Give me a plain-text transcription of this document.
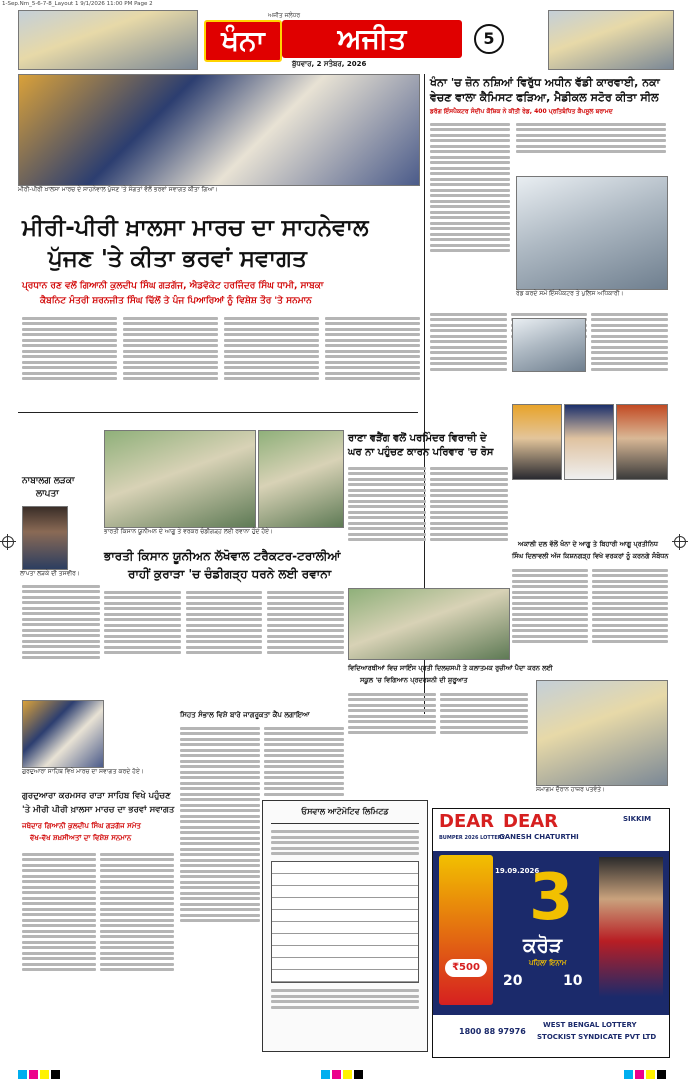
1-Sep.Nm_5-6-7-8_Layout 1 9/1/2026 11:00 PM Page 2
ਅਜੀਤ ਜਲੰਧਰ
ਖੰਨਾ	ਅਜੀਤ
ਬੁੱਧਵਾਰ, 2 ਸਤੰਬਰ, 2026
5
ਮੀਰੀ-ਪੀਰੀ ਖ਼ਾਲਸਾ ਮਾਰਚ ਦੇ ਸਾਹਨੇਵਾਲ ਪੁੱਜਣ 'ਤੇ ਸੰਗਤਾਂ ਵੱਲੋਂ ਭਰਵਾਂ ਸਵਾਗਤ ਕੀਤਾ ਗਿਆ।
ਮੀਰੀ-ਪੀਰੀ ਖ਼ਾਲਸਾ ਮਾਰਚ ਦਾ ਸਾਹਨੇਵਾਲ
ਪੁੱਜਣ 'ਤੇ ਕੀਤਾ ਭਰਵਾਂ ਸਵਾਗਤ
ਪ੍ਰਧਾਨ ਰਣ ਵਲੋਂ ਗਿਆਨੀ ਕੁਲਦੀਪ ਸਿੰਘ ਗੜਗੱਜ, ਐਡਵੋਕੇਟ ਹਰਜਿੰਦਰ ਸਿੰਘ ਧਾਮੀ, ਸਾਬਕਾ
ਕੈਬਨਿਟ ਮੰਤਰੀ ਸ਼ਰਨਜੀਤ ਸਿੰਘ ਢਿੱਲੋਂ ਤੇ ਪੰਜ ਪਿਆਰਿਆਂ ਨੂੰ ਵਿਸ਼ੇਸ਼ ਤੌਰ 'ਤੇ ਸਨਮਾਨ
ਖੰਨਾ 'ਚ ਜ਼ੋਨ ਨਸ਼ਿਆਂ ਵਿਰੁੱਧ ਅਧੀਨ ਵੱਡੀ ਕਾਰਵਾਈ, ਨਕਾ
ਵੇਚਣ ਵਾਲਾ ਕੈਮਿਸਟ ਫੜਿਆ, ਮੈਡੀਕਲ ਸਟੋਰ ਕੀਤਾ ਸੀਲ
ਡਰੱਗ ਇੰਸਪੈਕਟਰ ਸੰਦੀਪ ਕੌਸ਼ਿਕ ਨੇ ਕੀਤੀ ਰੇਡ, 400 ਪ੍ਰਤਿਬੰਧਿਤ ਕੈਪਸੂਲ ਬਰਾਮਦ
ਰੇਡ ਕਰਦੇ ਸਮੇਂ ਇੰਸਪੈਕਟਰ ਤੇ ਪੁਲਿਸ ਅਧਿਕਾਰੀ।
ਨਾਬਾਲਗ ਲੜਕਾ
ਲਾਪਤਾ
ਲਾਪਤਾ ਲੜਕੇ ਦੀ ਤਸਵੀਰ।
ਭਾਰਤੀ ਕਿਸਾਨ ਯੂਨੀਅਨ ਦੇ ਆਗੂ ਤੇ ਵਰਕਰ ਚੰਡੀਗੜ੍ਹ ਲਈ ਰਵਾਨਾ ਹੁੰਦੇ ਹੋਏ।
ਭਾਰਤੀ ਕਿਸਾਨ ਯੂਨੀਅਨ ਲੱਖੋਵਾਲ ਟਰੈਕਟਰ-ਟਰਾਲੀਆਂ
ਰਾਹੀਂ ਕੁਰਾੜਾ 'ਚ ਚੰਡੀਗੜ੍ਹ ਧਰਨੇ ਲਈ ਰਵਾਨਾ
ਰਾਣਾ ਵੜੈਂਗ ਵਲੋਂ ਪਰਮਿੰਦਰ ਵਿਰਾਜ਼ੀ ਦੇ
ਘਰ ਨਾ ਪਹੁੰਚਣ ਕਾਰਨ ਪਰਿਵਾਰ 'ਚ ਰੋਸ
ਅਕਾਲੀ ਦਲ ਵੱਲੋਂ ਖੰਨਾ ਦੇ ਆਗੂ ਤੇ ਬਿਹਾਰੀ ਆਗੂ ਪ੍ਰਤੀਨਿਧ
ਸਿੰਘ ਦਿਲਾਵਲੀ ਅੱਜ ਕਿਸ਼ਨਗੜ੍ਹ ਵਿਖੇ ਵਰਕਰਾਂ ਨੂੰ ਕਰਨਗੇ ਸੰਬੋਧਨ
ਵਿਦਿਆਰਥੀਆਂ ਵਿਚ ਸਾਇੰਸ ਪ੍ਰਤੀ ਦਿਲਚਸਪੀ ਤੇ ਕਲਾਤਮਕ ਰੁਚੀਆਂ ਪੈਦਾ ਕਰਨ ਲਈ
ਸਕੂਲ 'ਚ ਵਿਗਿਆਨ ਪ੍ਰਦਰਸ਼ਨੀ ਦੀ ਸ਼ੁਰੂਆਤ
ਸਮਾਗਮ ਦੌਰਾਨ ਹਾਜ਼ਰ ਪਤਵੰਤੇ।
ਗੁਰਦੁਆਰਾ ਸਾਹਿਬ ਵਿਖੇ ਮਾਰਚ ਦਾ ਸਵਾਗਤ ਕਰਦੇ ਹੋਏ।
ਗੁਰਦੁਆਰਾ ਕਰਮਸਰ ਰਾੜਾ ਸਾਹਿਬ ਵਿਖੇ ਪਹੁੰਚਣ
'ਤੇ ਮੀਰੀ ਪੀਰੀ ਖ਼ਾਲਸਾ ਮਾਰਚ ਦਾ ਭਰਵਾਂ ਸਵਾਗਤ
ਜਥੇਦਾਰ ਗਿਆਨੀ ਕੁਲਦੀਪ ਸਿੰਘ ਗੜਗੱਜ ਸਮੇਤ
ਵੱਖ-ਵੱਖ ਸ਼ਖ਼ਸੀਅਤਾਂ ਦਾ ਵਿਸ਼ੇਸ਼ ਸਨਮਾਨ
ਸਿਹਤ ਸੰਭਾਲ ਵਿਸ਼ੇ ਬਾਰੇ ਜਾਗਰੂਕਤਾ ਕੈਂਪ ਲਗਾਇਆ
ਓਸਵਾਲ ਆਟੋਮੋਟਿਵ ਲਿਮਿਟਡ	DEAR
BUMPER 2026 LOTTERY
DEAR
GANESH CHATURTHI
SIKKIM
19.09.2026
3
ਕਰੋੜ
ਪਹਿਲਾ ਇਨਾਮ
20	10
₹500
1800 88 97976
WEST BENGAL LOTTERY
STOCKIST SYNDICATE PVT LTD
